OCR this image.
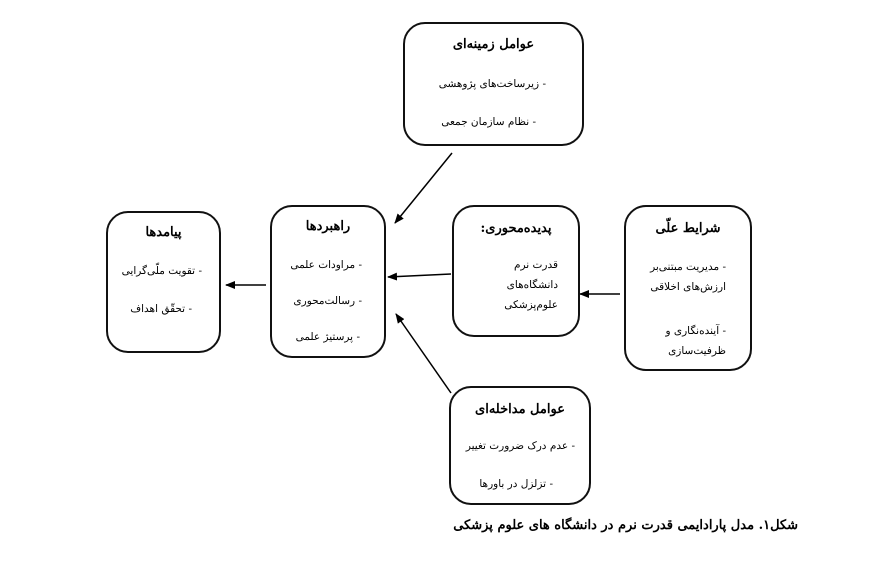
عوامل زمینه‌ای
- زیرساخت‌های پژوهشی
- نظام سازمان جمعی
شرایط علّی
- مدیریت مبتنی‌بر ارزش‌های اخلاقی
- آینده‌نگاری و ظرفیت‌سازی
پدیده‌محوری:
قدرت نرم دانشگاه‌های علوم‌پزشکی
راهبردها
- مراودات علمی
- رسالت‌محوری
- پرستیژ علمی
پیامدها
- تقویت ملّی‌گرایی
- تحقّق اهداف
عوامل مداخله‌ای
- عدم درک ضرورت تغییر
- تزلزل در باورها
شکل۱. مدل پارادایمی قدرت نرم در دانشگاه های علوم پزشکی
